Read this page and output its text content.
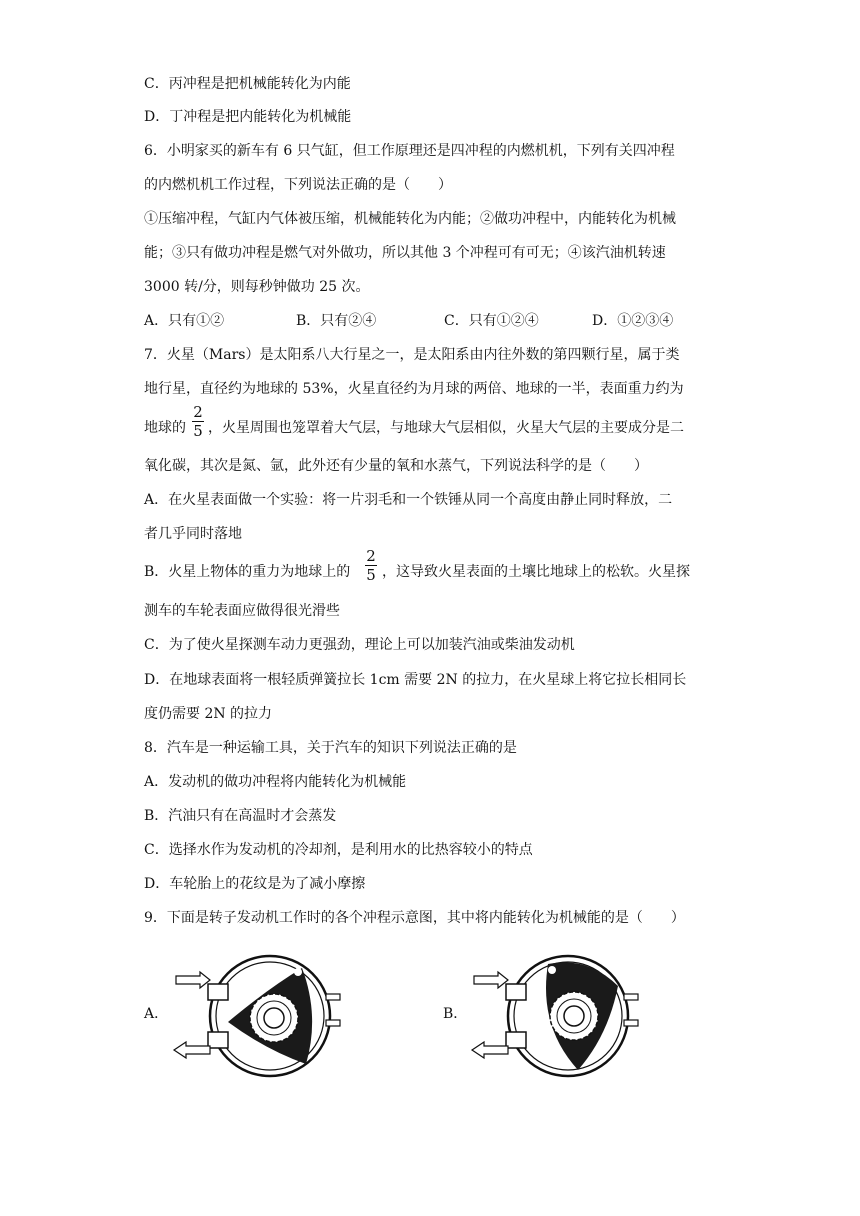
C．丙冲程是把机械能转化为内能
D．丁冲程是把内能转化为机械能
6．小明家买的新车有 6 只气缸，但工作原理还是四冲程的内燃机机，下列有关四冲程
的内燃机机工作过程，下列说法正确的是（　　）
①压缩冲程，气缸内气体被压缩，机械能转化为内能；②做功冲程中，内能转化为机械
能；③只有做功冲程是燃气对外做功，所以其他 3 个冲程可有可无；④该汽油机转速
3000 转/分，则每秒钟做功 25 次。
A．只有①②	B．只有②④	C．只有①②④	D．①②③④
7．火星（Mars）是太阳系八大行星之一，是太阳系由内往外数的第四颗行星，属于类
地行星，直径约为地球的 53%，火星直径约为月球的两倍、地球的一半，表面重力约为
地球的
2
5 ，火星周围也笼罩着大气层，与地球大气层相似，火星大气层的主要成分是二
氧化碳，其次是氮、氩，此外还有少量的氧和水蒸气，下列说法科学的是（　　）
A．在火星表面做一个实验：将一片羽毛和一个铁锤从同一个高度由静止同时释放，二
者几乎同时落地
B．火星上物体的重力为地球上的
2
5 ，这导致火星表面的土壤比地球上的松软。火星探
测车的车轮表面应做得很光滑些
C．为了使火星探测车动力更强劲，理论上可以加装汽油或柴油发动机
D．在地球表面将一根轻质弹簧拉长 1cm 需要 2N 的拉力，在火星球上将它拉长相同长
度仍需要 2N 的拉力
8．汽车是一种运输工具，关于汽车的知识下列说法正确的是
A．发动机的做功冲程将内能转化为机械能
B．汽油只有在高温时才会蒸发
C．选择水作为发动机的冷却剂，是利用水的比热容较小的特点
D．车轮胎上的花纹是为了减小摩擦
9．下面是转子发动机工作时的各个冲程示意图，其中将内能转化为机械能的是（　　）
A．	B．
